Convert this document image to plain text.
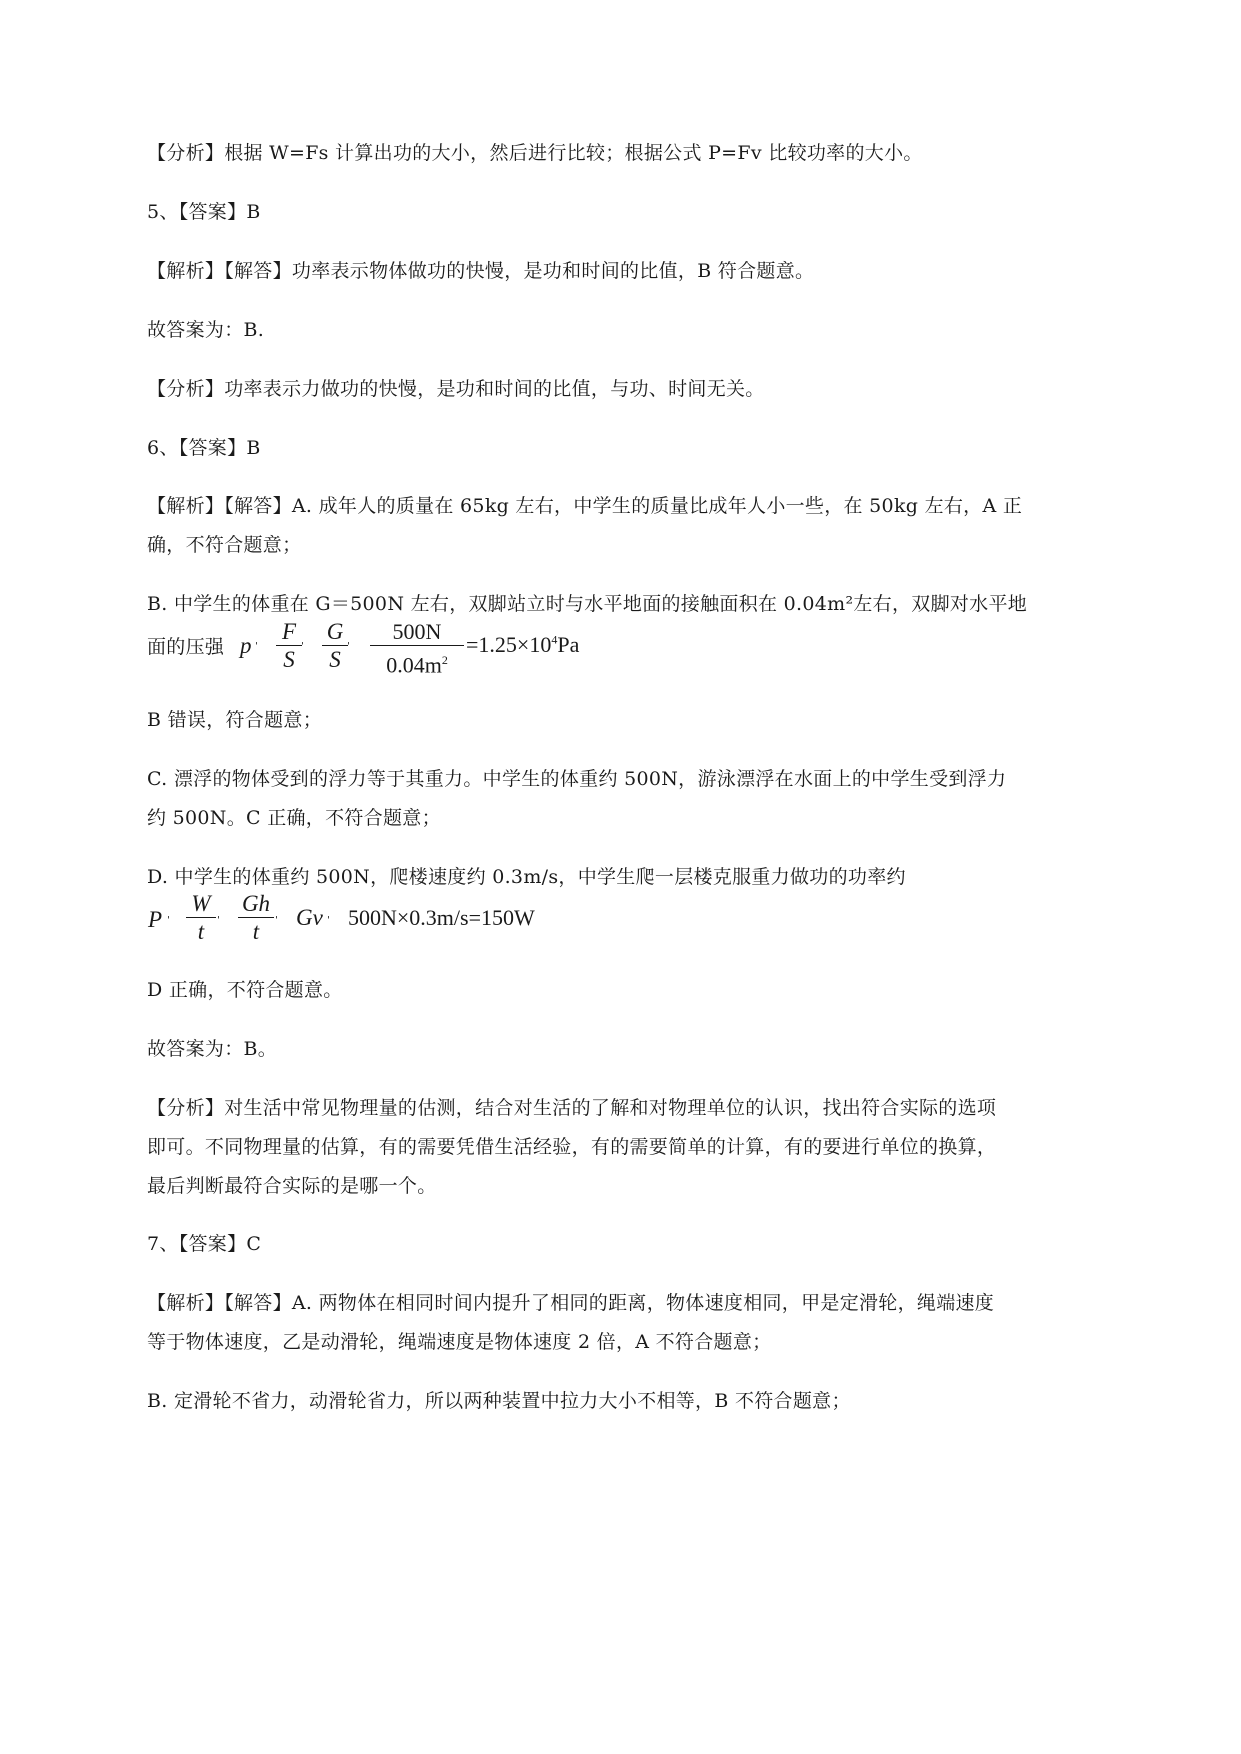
【分析】根据 W=Fs 计算出功的大小，然后进行比较；根据公式 P=Fv 比较功率的大小。
5、【答案】B
【解析】【解答】功率表示物体做功的快慢，是功和时间的比值，B 符合题意。
故答案为：B.
【分析】功率表示力做功的快慢，是功和时间的比值，与功、时间无关。
6、【答案】B
【解析】【解答】A. 成年人的质量在 65kg 左右，中学生的质量比成年人小一些，在 50kg 左右，A 正
确，不符合题意；
B. 中学生的体重在 G＝500N 左右，双脚站立时与水平地面的接触面积在 0.04m²左右，双脚对水平地
面的压强 p
F
S
G
S
500N
$0.04m^2$
$=1.25\times 10^4Pa$
B 错误，符合题意；
C. 漂浮的物体受到的浮力等于其重力。中学生的体重约 500N，游泳漂浮在水面上的中学生受到浮力
约 500N。C 正确，不符合题意；
D. 中学生的体重约 500N，爬楼速度约 0.3m/s，中学生爬一层楼克服重力做功的功率约
P
W
t
Gh
t
Gv 500N×0.3m/s=150W
D 正确，不符合题意。
故答案为：B。
【分析】对生活中常见物理量的估测，结合对生活的了解和对物理单位的认识，找出符合实际的选项
即可。不同物理量的估算，有的需要凭借生活经验，有的需要简单的计算，有的要进行单位的换算，
最后判断最符合实际的是哪一个。
7、【答案】C
【解析】【解答】A. 两物体在相同时间内提升了相同的距离，物体速度相同，甲是定滑轮，绳端速度
等于物体速度，乙是动滑轮，绳端速度是物体速度 2 倍，A 不符合题意；
B. 定滑轮不省力，动滑轮省力，所以两种装置中拉力大小不相等，B 不符合题意；
